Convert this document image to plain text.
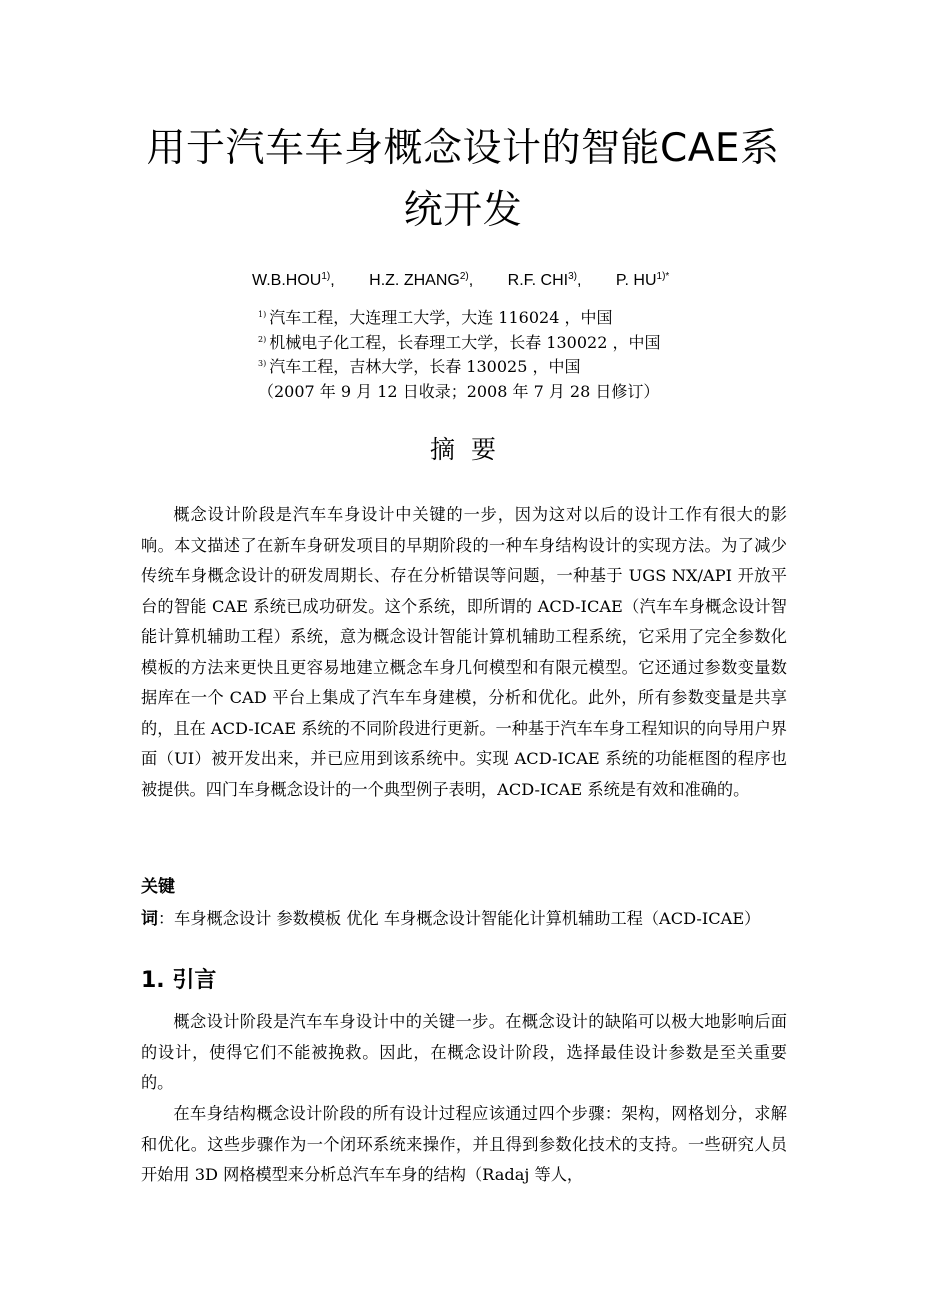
用于汽车车身概念设计的智能CAE系统开发
W.B.HOU$^{1)}$, H.Z. ZHANG$^{2)}$, R.F. CHI$^{3)}$, P. $HU^{1)*}$
$^{1)}$ 汽车工程，大连理工大学，大连 116024 ，中国
$^{2)}$ 机械电子化工程，长春理工大学，长春 130022 ，中国
$^{3)}$ 汽车工程，吉林大学，长春 130025 ，中国
（2007 年 9 月 12 日收录；2008 年 7 月 28 日修订）
摘要

概念设计阶段是汽车车身设计中关键的一步，因为这对以后的设计工作有很大的影响。本文描述了在新车身研发项目的早期阶段的一种车身结构设计的实现方法。为了减少传统车身概念设计的研发周期长、存在分析错误等问题，一种基于 UGS NX/API 开放平台的智能 CAE 系统已成功研发。这个系统，即所谓的 ACD-ICAE（汽车车身概念设计智能计算机辅助工程）系统，意为概念设计智能计算机辅助工程系统，它采用了完全参数化模板的方法来更快且更容易地建立概念车身几何模型和有限元模型。它还通过参数变量数据库在一个 CAD 平台上集成了汽车车身建模，分析和优化。此外，所有参数变量是共享的，且在 ACD-ICAE 系统的不同阶段进行更新。一种基于汽车车身工程知识的向导用户界面（UI）被开发出来，并已应用到该系统中。实现 ACD-ICAE 系统的功能框图的程序也被提供。四门车身概念设计的一个典型例子表明，ACD-ICAE 系统是有效和准确的。

关键词：车身概念设计 参数模板 优化 车身概念设计智能化计算机辅助工程（ACD-ICAE）

1. 引言

概念设计阶段是汽车车身设计中的关键一步。在概念设计的缺陷可以极大地影响后面的设计，使得它们不能被挽救。因此，在概念设计阶段，选择最佳设计参数是至关重要的。

在车身结构概念设计阶段的所有设计过程应该通过四个步骤：架构，网格划分，求解和优化。这些步骤作为一个闭环系统来操作，并且得到参数化技术的支持。一些研究人员开始用 3D 网格模型来分析总汽车车身的结构（Radaj 等人，
